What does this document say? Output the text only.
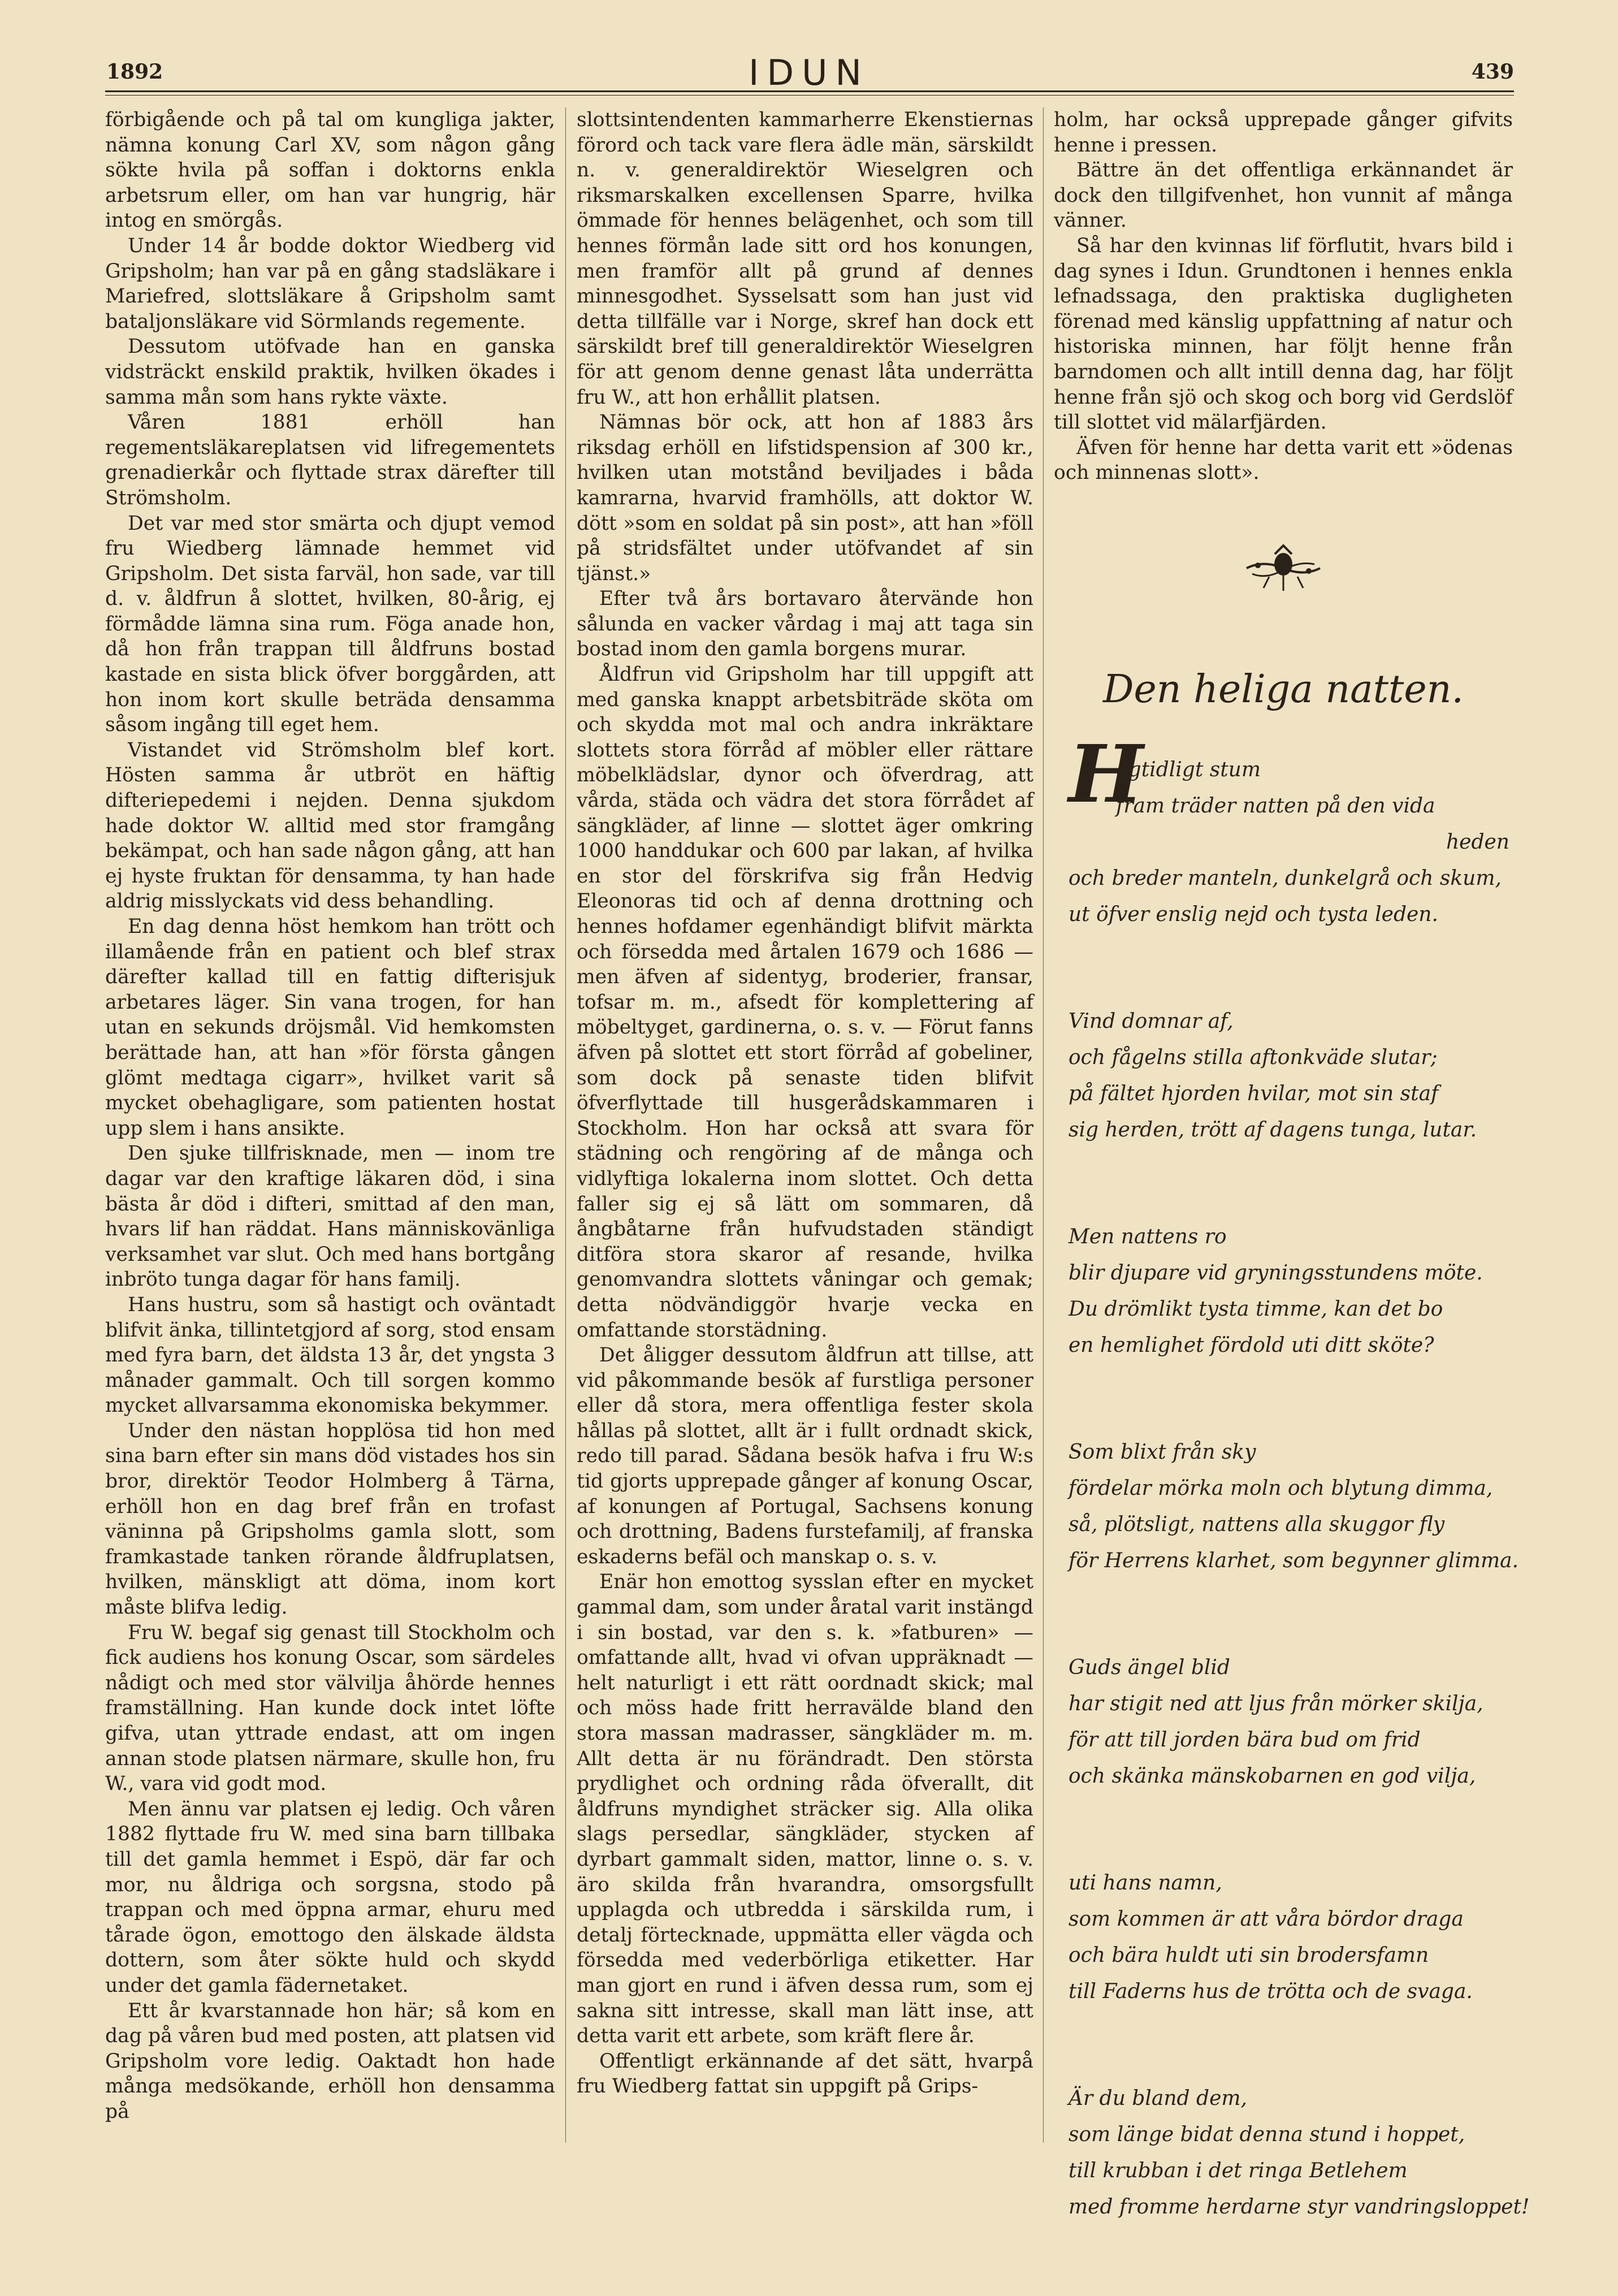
1892	IDUN	439

förbigående och på tal om kungliga jakter, nämna konung Carl XV, som någon gång sökte hvila på soffan i doktorns enkla arbetsrum eller, om han var hungrig, här intog en smörgås.

Under 14 år bodde doktor Wiedberg vid Gripsholm; han var på en gång stadsläkare i Mariefred, slottsläkare å Gripsholm samt bataljonsläkare vid Sörmlands regemente.

Dessutom utöfvade han en ganska vidsträckt enskild praktik, hvilken ökades i samma mån som hans rykte växte.

Våren 1881 erhöll han regementsläkareplatsen vid lifregementets grenadierkår och flyttade strax därefter till Strömsholm.

Det var med stor smärta och djupt vemod fru Wiedberg lämnade hemmet vid Gripsholm. Det sista farväl, hon sade, var till d. v. åldfrun å slottet, hvilken, 80-årig, ej förmådde lämna sina rum. Föga anade hon, då hon från trappan till åldfruns bostad kastade en sista blick öfver borggården, att hon inom kort skulle beträda densamma såsom ingång till eget hem.

Vistandet vid Strömsholm blef kort. Hösten samma år utbröt en häftig difteriepedemi i nejden. Denna sjukdom hade doktor W. alltid med stor framgång bekämpat, och han sade någon gång, att han ej hyste fruktan för densamma, ty han hade aldrig misslyckats vid dess behandling.

En dag denna höst hemkom han trött och illamående från en patient och blef strax därefter kallad till en fattig difterisjuk arbetares läger. Sin vana trogen, for han utan en sekunds dröjsmål. Vid hemkomsten berättade han, att han »för första gången glömt medtaga cigarr», hvilket varit så mycket obehagligare, som patienten hostat upp slem i hans ansikte.

Den sjuke tillfrisknade, men — inom tre dagar var den kraftige läkaren död, i sina bästa år död i difteri, smittad af den man, hvars lif han räddat. Hans människovänliga verksamhet var slut. Och med hans bortgång inbröto tunga dagar för hans familj.

Hans hustru, som så hastigt och oväntadt blifvit änka, tillintetgjord af sorg, stod ensam med fyra barn, det äldsta 13 år, det yngsta 3 månader gammalt. Och till sorgen kommo mycket allvarsamma ekonomiska bekymmer.

Under den nästan hopplösa tid hon med sina barn efter sin mans död vistades hos sin bror, direktör Teodor Holmberg å Tärna, erhöll hon en dag bref från en trofast väninna på Gripsholms gamla slott, som framkastade tanken rörande åldfruplatsen, hvilken, mänskligt att döma, inom kort måste blifva ledig.

Fru W. begaf sig genast till Stockholm och fick audiens hos konung Oscar, som särdeles nådigt och med stor välvilja åhörde hennes framställning. Han kunde dock intet löfte gifva, utan yttrade endast, att om ingen annan stode platsen närmare, skulle hon, fru W., vara vid godt mod.

Men ännu var platsen ej ledig. Och våren 1882 flyttade fru W. med sina barn tillbaka till det gamla hemmet i Espö, där far och mor, nu åldriga och sorgsna, stodo på trappan och med öppna armar, ehuru med tårade ögon, emottogo den älskade äldsta dottern, som åter sökte huld och skydd under det gamla fädernetaket.

Ett år kvarstannade hon här; så kom en dag på våren bud med posten, att platsen vid Gripsholm vore ledig. Oaktadt hon hade många medsökande, erhöll hon densamma på

slottsintendenten kammarherre Ekenstiernas förord och tack vare flera ädle män, särskildt n. v. generaldirektör Wieselgren och riksmarskalken excellensen Sparre, hvilka ömmade för hennes belägenhet, och som till hennes förmån lade sitt ord hos konungen, men framför allt på grund af dennes minnesgodhet. Sysselsatt som han just vid detta tillfälle var i Norge, skref han dock ett särskildt bref till generaldirektör Wieselgren för att genom denne genast låta underrätta fru W., att hon erhållit platsen.

Nämnas bör ock, att hon af 1883 års riksdag erhöll en lifstidspension af 300 kr., hvilken utan motstånd beviljades i båda kamrarna, hvarvid framhölls, att doktor W. dött »som en soldat på sin post», att han »föll på stridsfältet under utöfvandet af sin tjänst.»

Efter två års bortavaro återvände hon sålunda en vacker vårdag i maj att taga sin bostad inom den gamla borgens murar.

Åldfrun vid Gripsholm har till uppgift att med ganska knappt arbetsbiträde sköta om och skydda mot mal och andra inkräktare slottets stora förråd af möbler eller rättare möbelklädslar, dynor och öfverdrag, att vårda, städa och vädra det stora förrådet af sängkläder, af linne — slottet äger omkring 1000 handdukar och 600 par lakan, af hvilka en stor del förskrifva sig från Hedvig Eleonoras tid och af denna drottning och hennes hofdamer egenhändigt blifvit märkta och försedda med årtalen 1679 och 1686 — men äfven af sidentyg, broderier, fransar, tofsar m. m., afsedt för komplettering af möbeltyget, gardinerna, o. s. v. — Förut fanns äfven på slottet ett stort förråd af gobeliner, som dock på senaste tiden blifvit öfverflyttade till husgerådskammaren i Stockholm. Hon har också att svara för städning och rengöring af de många och vidlyftiga lokalerna inom slottet. Och detta faller sig ej så lätt om sommaren, då ångbåtarne från hufvudstaden ständigt ditföra stora skaror af resande, hvilka genomvandra slottets våningar och gemak; detta nödvändiggör hvarje vecka en omfattande storstädning.

Det åligger dessutom åldfrun att tillse, att vid påkommande besök af furstliga personer eller då stora, mera offentliga fester skola hållas på slottet, allt är i fullt ordnadt skick, redo till parad. Sådana besök hafva i fru W:s tid gjorts upprepade gånger af konung Oscar, af konungen af Portugal, Sachsens konung och drottning, Badens furstefamilj, af franska eskaderns befäl och manskap o. s. v.

Enär hon emottog sysslan efter en mycket gammal dam, som under åratal varit instängd i sin bostad, var den s. k. »fatburen» — omfattande allt, hvad vi ofvan uppräknadt — helt naturligt i ett rätt oordnadt skick; mal och möss hade fritt herravälde bland den stora massan madrasser, sängkläder m. m. Allt detta är nu förändradt. Den största prydlighet och ordning råda öfverallt, dit åldfruns myndighet sträcker sig. Alla olika slags persedlar, sängkläder, stycken af dyrbart gammalt siden, mattor, linne o. s. v. äro skilda från hvarandra, omsorgsfullt upplagda och utbredda i särskilda rum, i detalj förtecknade, uppmätta eller vägda och försedda med vederbörliga etiketter. Har man gjort en rund i äfven dessa rum, som ej sakna sitt intresse, skall man lätt inse, att detta varit ett arbete, som kräft flere år.

Offentligt erkännande af det sätt, hvarpå fru Wiedberg fattat sin uppgift på Grips-

holm, har också upprepade gånger gifvits henne i pressen.

Bättre än det offentliga erkännandet är dock den tillgifvenhet, hon vunnit af många vänner.

Så har den kvinnas lif förflutit, hvars bild i dag synes i Idun. Grundtonen i hennes enkla lefnadssaga, den praktiska dugligheten förenad med känslig uppfattning af natur och historiska minnen, har följt henne från barndomen och allt intill denna dag, har följt henne från sjö och skog och borg vid Gerdslöf till slottet vid mälarfjärden.

Äfven för henne har detta varit ett »ödenas och minnenas slott».

Den heliga natten.
H
ögtidligt stum
fram träder natten på den vida
heden
och breder manteln, dunkelgrå och skum,
ut öfver enslig nejd och tysta leden.
Vind domnar af,
och fågelns stilla aftonkväde slutar;
på fältet hjorden hvilar, mot sin staf
sig herden, trött af dagens tunga, lutar.
Men nattens ro
blir djupare vid gryningsstundens möte.
Du drömlikt tysta timme, kan det bo
en hemlighet fördold uti ditt sköte?
Som blixt från sky
fördelar mörka moln och blytung dimma,
så, plötsligt, nattens alla skuggor fly
för Herrens klarhet, som begynner glimma.
Guds ängel blid
har stigit ned att ljus från mörker skilja,
för att till jorden bära bud om frid
och skänka mänskobarnen en god vilja,
uti hans namn,
som kommen är att våra bördor draga
och bära huldt uti sin brodersfamn
till Faderns hus de trötta och de svaga.
Är du bland dem,
som länge bidat denna stund i hoppet,
till krubban i det ringa Betlehem
med fromme herdarne styr vandringsloppet!
